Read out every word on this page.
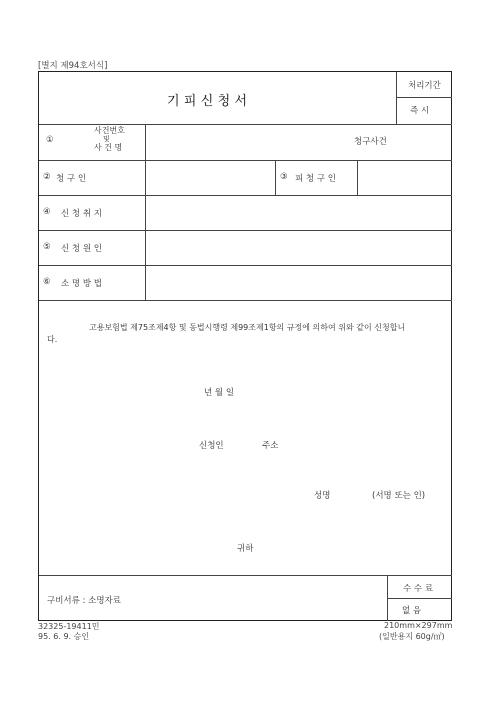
[별지 제94호서식]
기 피 신 청 서
처리기간
즉 시
①
사건번호
및
사 건 명
청구사건
② 청 구 인	③ 피 청 구 인
④ 신 청 취 지
⑤ 신 청 원 인
⑥ 소 명 방 법
고용보험법 제75조제4항 및 동법시행령 제99조제1항의 규정에 의하여 위와 같이 신청합니
다.
년 월 일
신청인	주소
성명	(서명 또는 인)
귀하
구비서류 : 소명자료
수 수 료
없 음
32325-19411민
95. 6. 9. 승인
210mm×297mm
(일반용지 60g/㎡)
